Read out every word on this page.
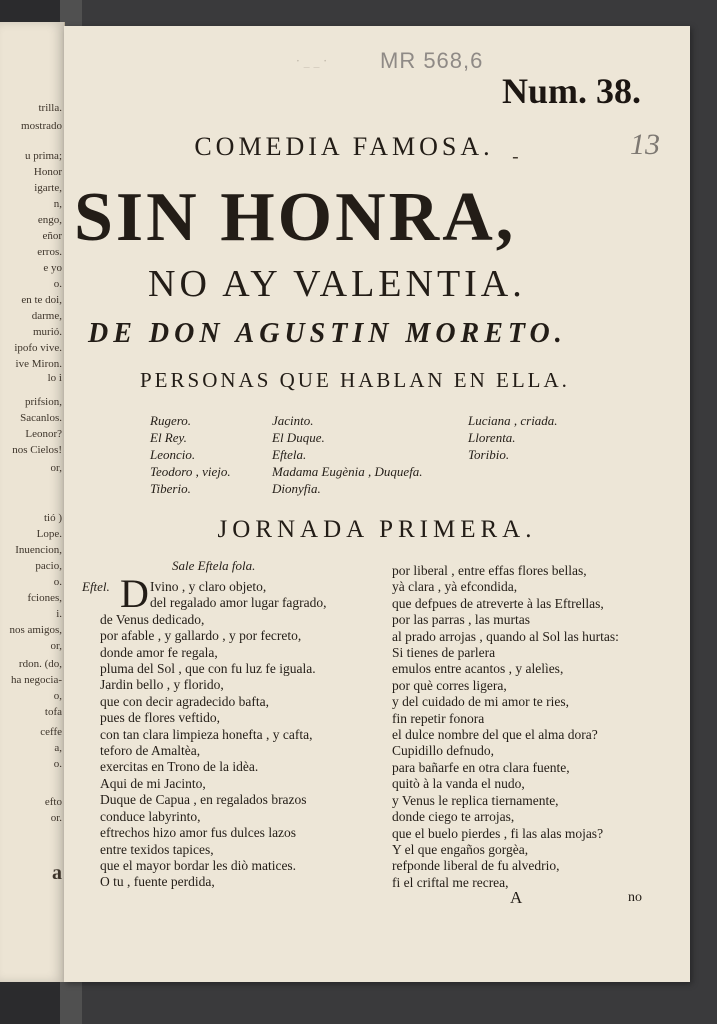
trilla.
mostrado
u prima;
Honor
igarte,
n,
engo,
eñor
erros.
e yo
o.
en te doi,
darme,
murió.
ipofo vive.
ive Miron.
lo i
prifsion,
Sacanlos.
Leonor?
nos Cielos!
or,
tió )
Lope.
Inuencion,
pacio,
o.
fciones,
i.
nos amigos,
or,
rdon. (do,
ha negocia-
o,
tofa
ceffe
a,
o.
efto
or.
a
· _ _ · MR 568,6
Num. 38.
13
COMEDIA FAMOSA. -
SIN HONRA,
NO AY VALENTIA.
DE DON AGUSTIN MORETO.
PERSONAS QUE HABLAN EN ELLA.
Rugero.
El Rey.
Leoncio.
Teodoro , viejo.
Tiberio.
Jacinto.
El Duque.
Eftela.
Madama Eugènia , Duquefa.
Dionyfia.
Luciana , criada.
Llorenta.
Toribio.
JORNADA PRIMERA.
Sale Eftela fola.
Eftel. D Ivino , y claro objeto,
del regalado amor lugar fagrado,
de Venus dedicado,
por afable , y gallardo , y por fecreto,
donde amor fe regala,
pluma del Sol , que con fu luz fe iguala.
Jardin bello , y florido,
que con decir agradecido bafta,
pues de flores veftido,
con tan clara limpieza honefta , y cafta,
teforo de Amaltèa,
exercitas en Trono de la idèa.
Aqui de mi Jacinto,
Duque de Capua , en regalados brazos
conduce labyrinto,
eftrechos hizo amor fus dulces lazos
entre texidos tapices,
que el mayor bordar les diò matices.
O tu , fuente perdida,
por liberal , entre effas flores bellas,
yà clara , yà efcondida,
que defpues de atreverte à las Eftrellas,
por las parras , las murtas
al prado arrojas , quando al Sol las hurtas:
Si tienes de parlera
emulos entre acantos , y alelìes,
por què corres ligera,
y del cuidado de mi amor te ries,
fin repetir fonora
el dulce nombre del que el alma dora?
Cupidillo defnudo,
para bañarfe en otra clara fuente,
quitò à la vanda el nudo,
y Venus le replica tiernamente,
donde ciego te arrojas,
que el buelo pierdes , fi las alas mojas?
Y el que engaños gorgèa,
refponde liberal de fu alvedrio,
fi el criftal me recrea,
A	no
